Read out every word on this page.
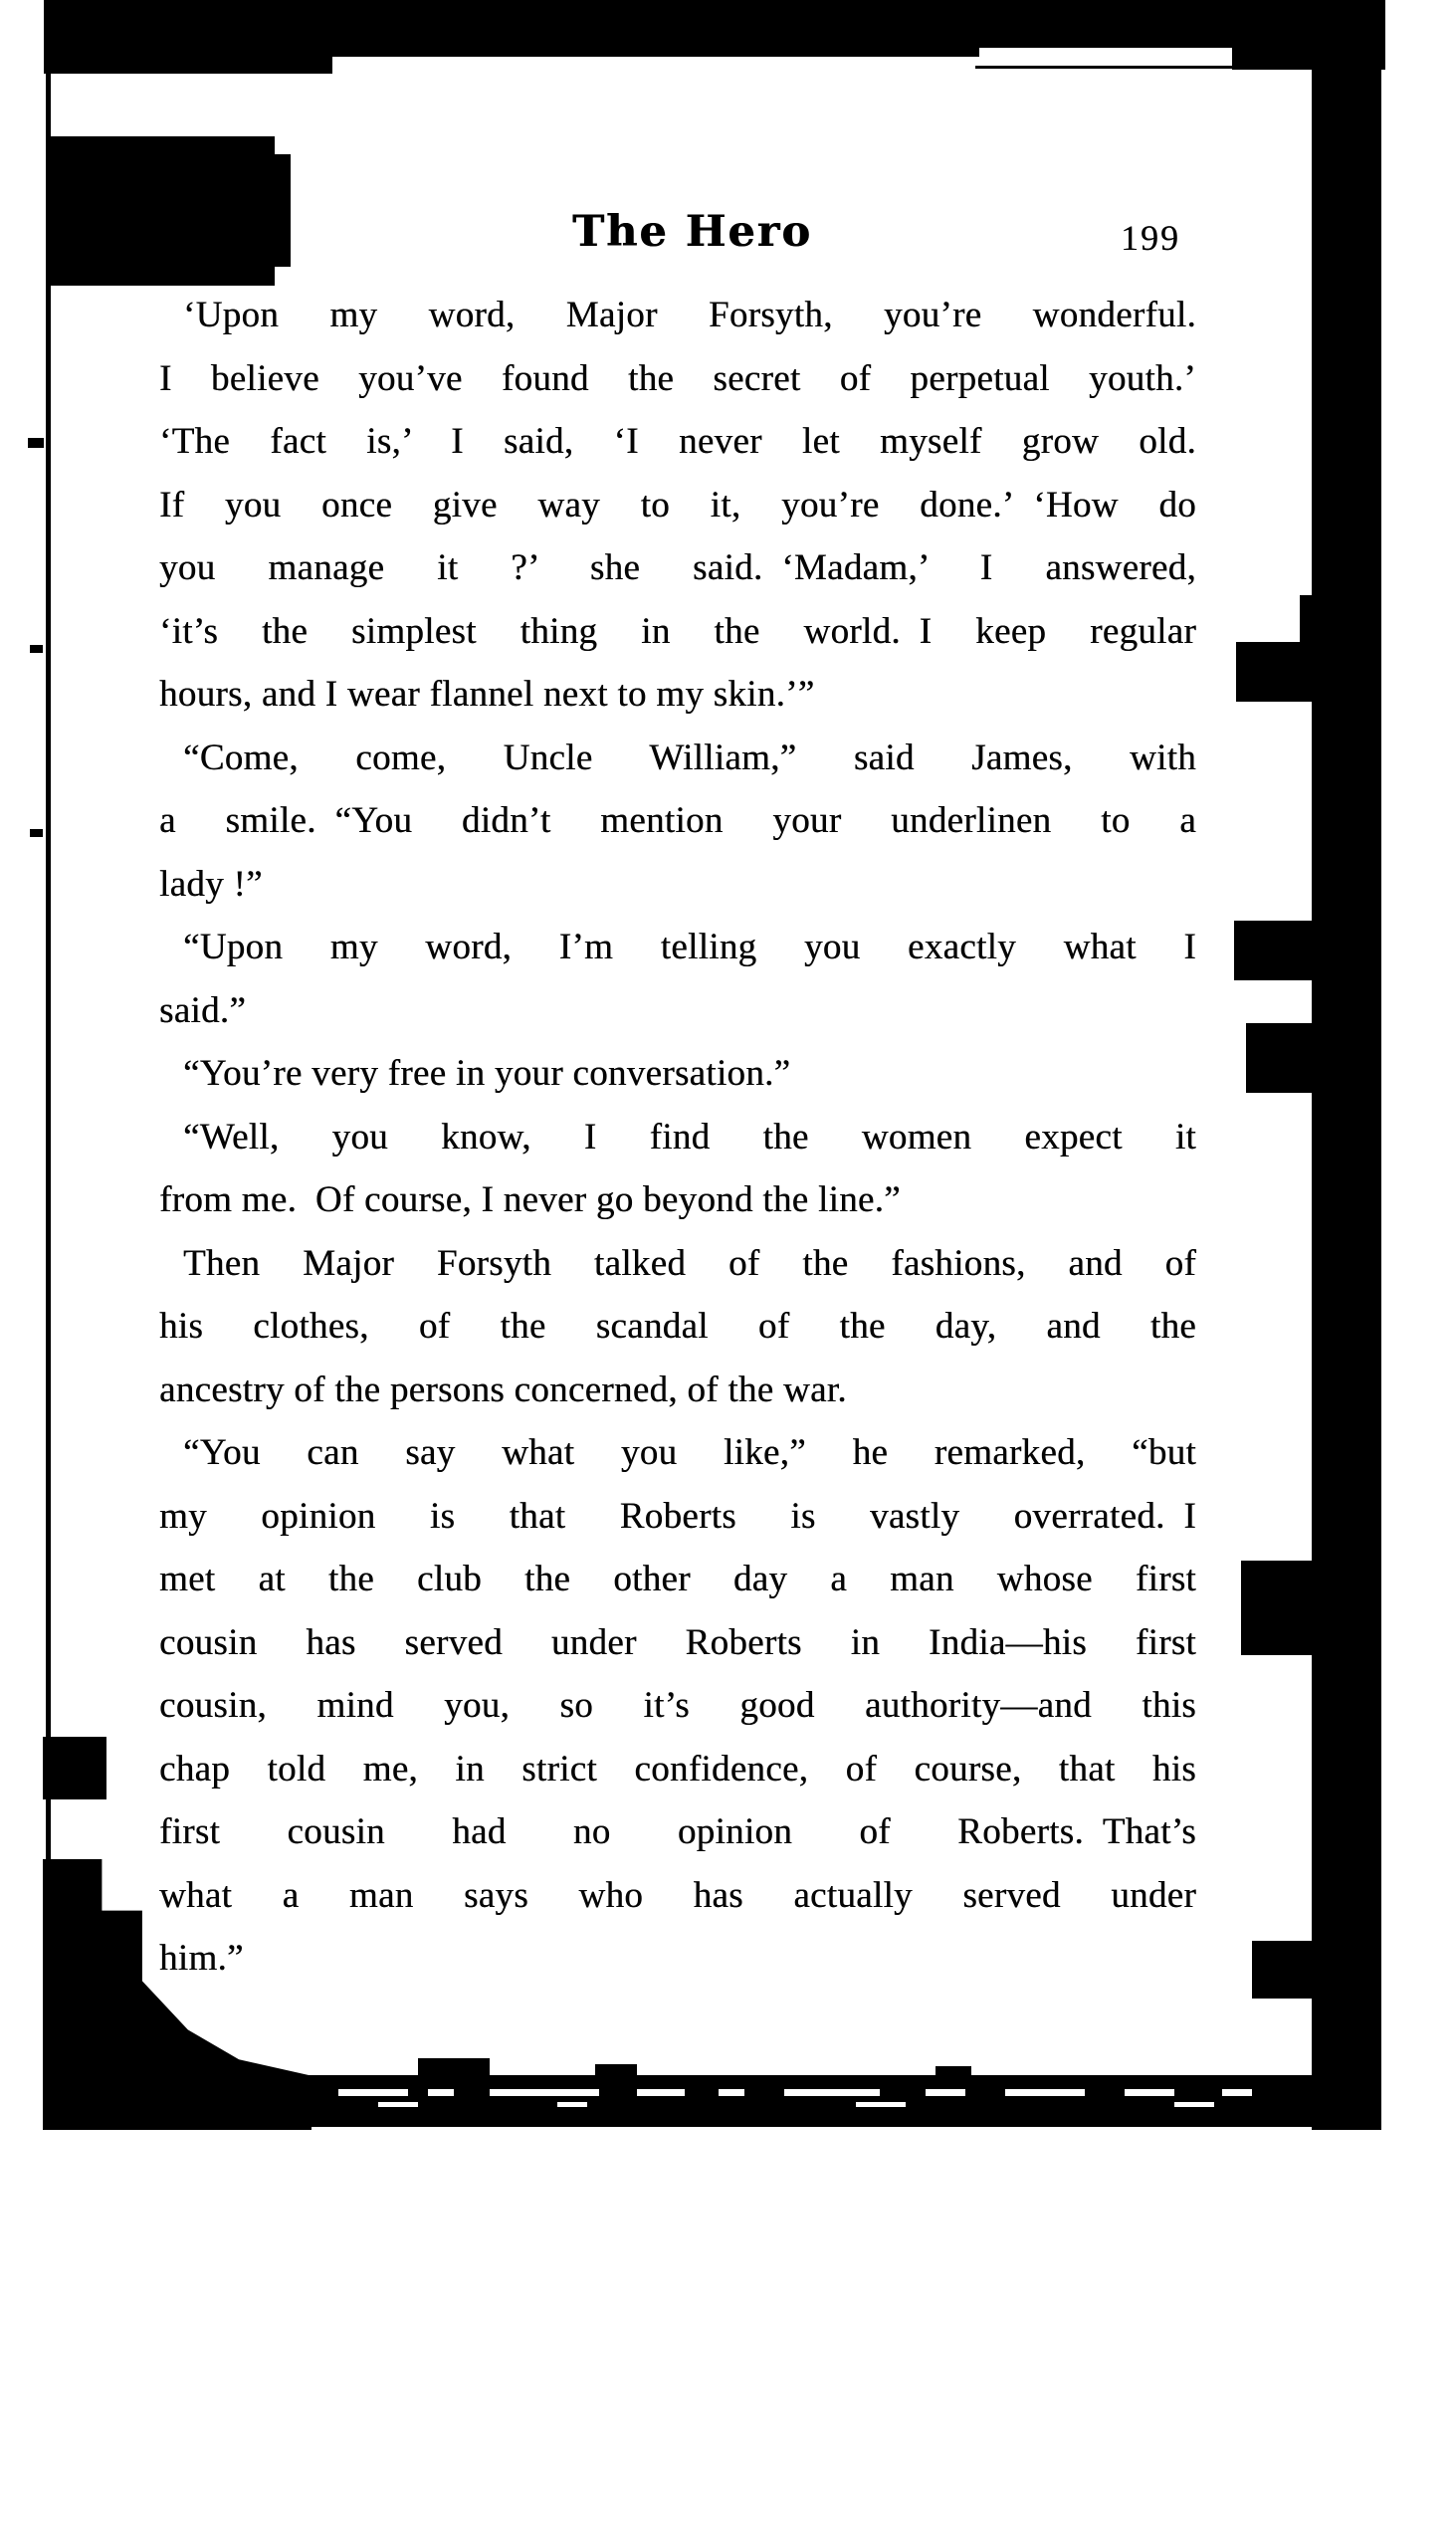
The Hero	199
‘Upon my word, Major Forsyth, you’re wonderful.
I believe you’ve found the secret of perpetual youth.’
‘The fact is,’ I said, ‘I never let myself grow old.
If you once give way to it, you’re done.’ ‘How do
you manage it ?’ she said. ‘Madam,’ I answered,
‘it’s the simplest thing in the world. I keep regular
hours, and I wear flannel next to my skin.’”
“Come, come, Uncle William,” said James, with
a smile. “You didn’t mention your underlinen to a
lady !”
“Upon my word, I’m telling you exactly what I
said.”
“You’re very free in your conversation.”
“Well, you know, I find the women expect it
from me. Of course, I never go beyond the line.”
Then Major Forsyth talked of the fashions, and of
his clothes, of the scandal of the day, and the
ancestry of the persons concerned, of the war.
“You can say what you like,” he remarked, “but
my opinion is that Roberts is vastly overrated. I
met at the club the other day a man whose first
cousin has served under Roberts in India—his first
cousin, mind you, so it’s good authority—and this
chap told me, in strict confidence, of course, that his
first cousin had no opinion of Roberts. That’s
what a man says who has actually served under
him.”
